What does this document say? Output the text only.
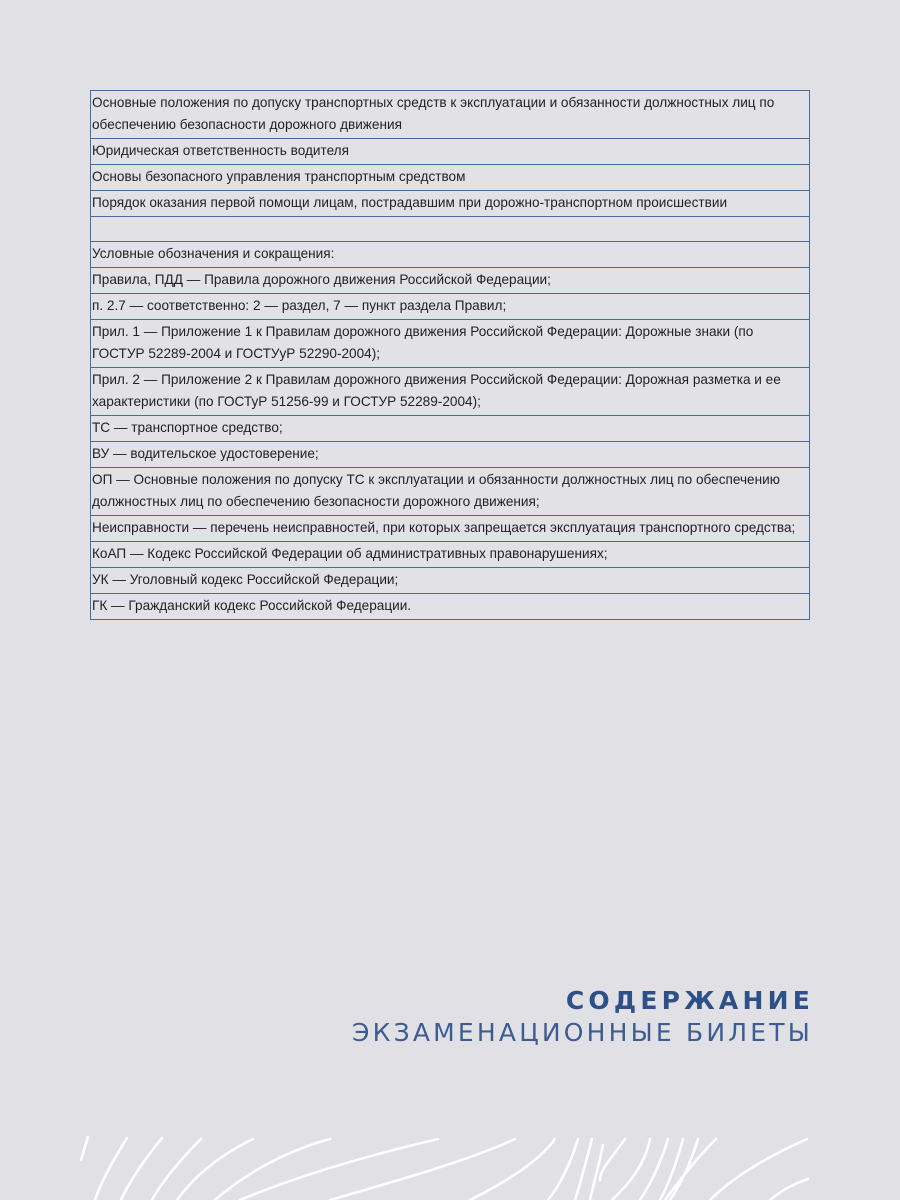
Основные положения по допуску транспортных средств к эксплуатации и обязанности должностных лиц по обеспечению безопасности дорожного движения
Юридическая ответственность водителя
Основы безопасного управления транспортным средством
Порядок оказания первой помощи лицам, пострадавшим при дорожно-транспортном происшествии

Условные обозначения и сокращения:
Правила, ПДД — Правила дорожного движения Российской Федерации;
п. 2.7 — соответственно: 2 — раздел, 7 — пункт раздела Правил;
Прил. 1 — Приложение 1 к Правилам дорожного движения Российской Федерации: Дорожные знаки (по ГОСТУР 52289-2004 и ГОСТУуР 52290-2004);
Прил. 2 — Приложение 2 к Правилам дорожного движения Российской Федерации: Дорожная разметка и ее характеристики (по ГОСТуР 51256-99 и ГОСТУР 52289-2004);
ТС — транспортное средство;
ВУ — водительское удостоверение;
ОП — Основные положения по допуску ТС к эксплуатации и обязанности должностных лиц по обеспечению должностных лиц по обеспечению безопасности дорожного движения;
Неисправности — перечень неисправностей, при которых запрещается эксплуатация транспортного средства;
КоАП — Кодекс Российской Федерации об административных правонарушениях;
УК — Уголовный кодекс Российской Федерации;
ГК — Гражданский кодекс Российской Федерации.
СОДЕРЖАНИЕ
ЭКЗАМЕНАЦИОННЫЕ БИЛЕТЫ
